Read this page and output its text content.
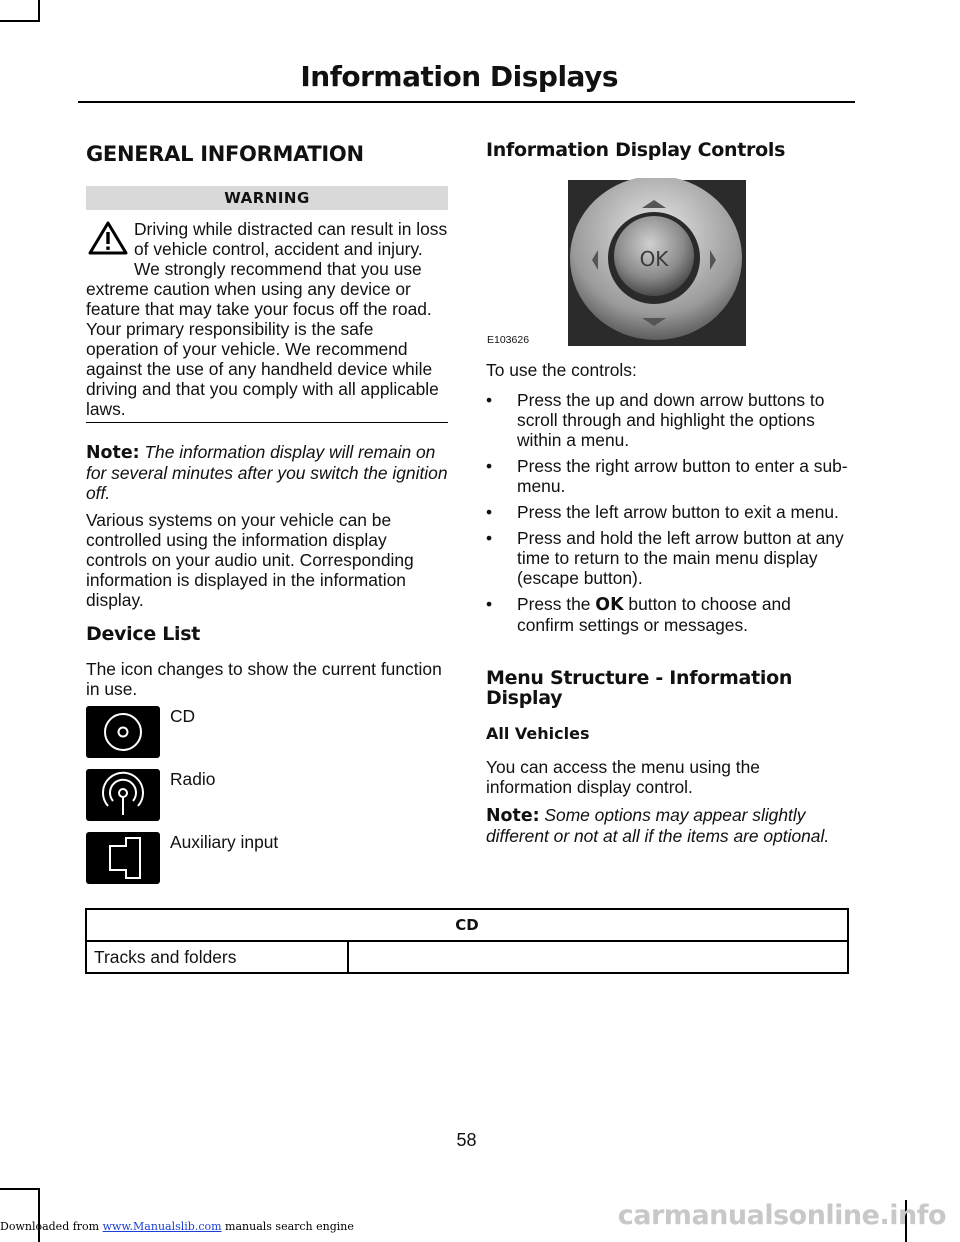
Information Displays
GENERAL INFORMATION
WARNING

Driving while distracted can result in loss of vehicle control, accident and injury. We strongly recommend that you use extreme caution when using any device or feature that may take your focus off the road. Your primary responsibility is the safe operation of your vehicle. We recommend against the use of any handheld device while driving and that you comply with all applicable laws.

Note: The information display will remain on for several minutes after you switch the ignition off.

Various systems on your vehicle can be controlled using the information display controls on your audio unit. Corresponding information is displayed in the information display.

Device List

The icon changes to show the current function in use.

CD
Radio
Auxiliary input
Information Display Controls
OK
E103626

To use the controls:

• Press the up and down arrow buttons to scroll through and highlight the options within a menu.
• Press the right arrow button to enter a sub-menu.
• Press the left arrow button to exit a menu.
• Press and hold the left arrow button at any time to return to the main menu display (escape button).
• Press the OK button to choose and confirm settings or messages.
Menu Structure - Information Display
All Vehicles

You can access the menu using the information display control.

Note: Some options may appear slightly different or not at all if the items are optional.

CD
Tracks and folders	
58
Downloaded from www.Manualslib.com manuals search engine	carmanualsonline.info
